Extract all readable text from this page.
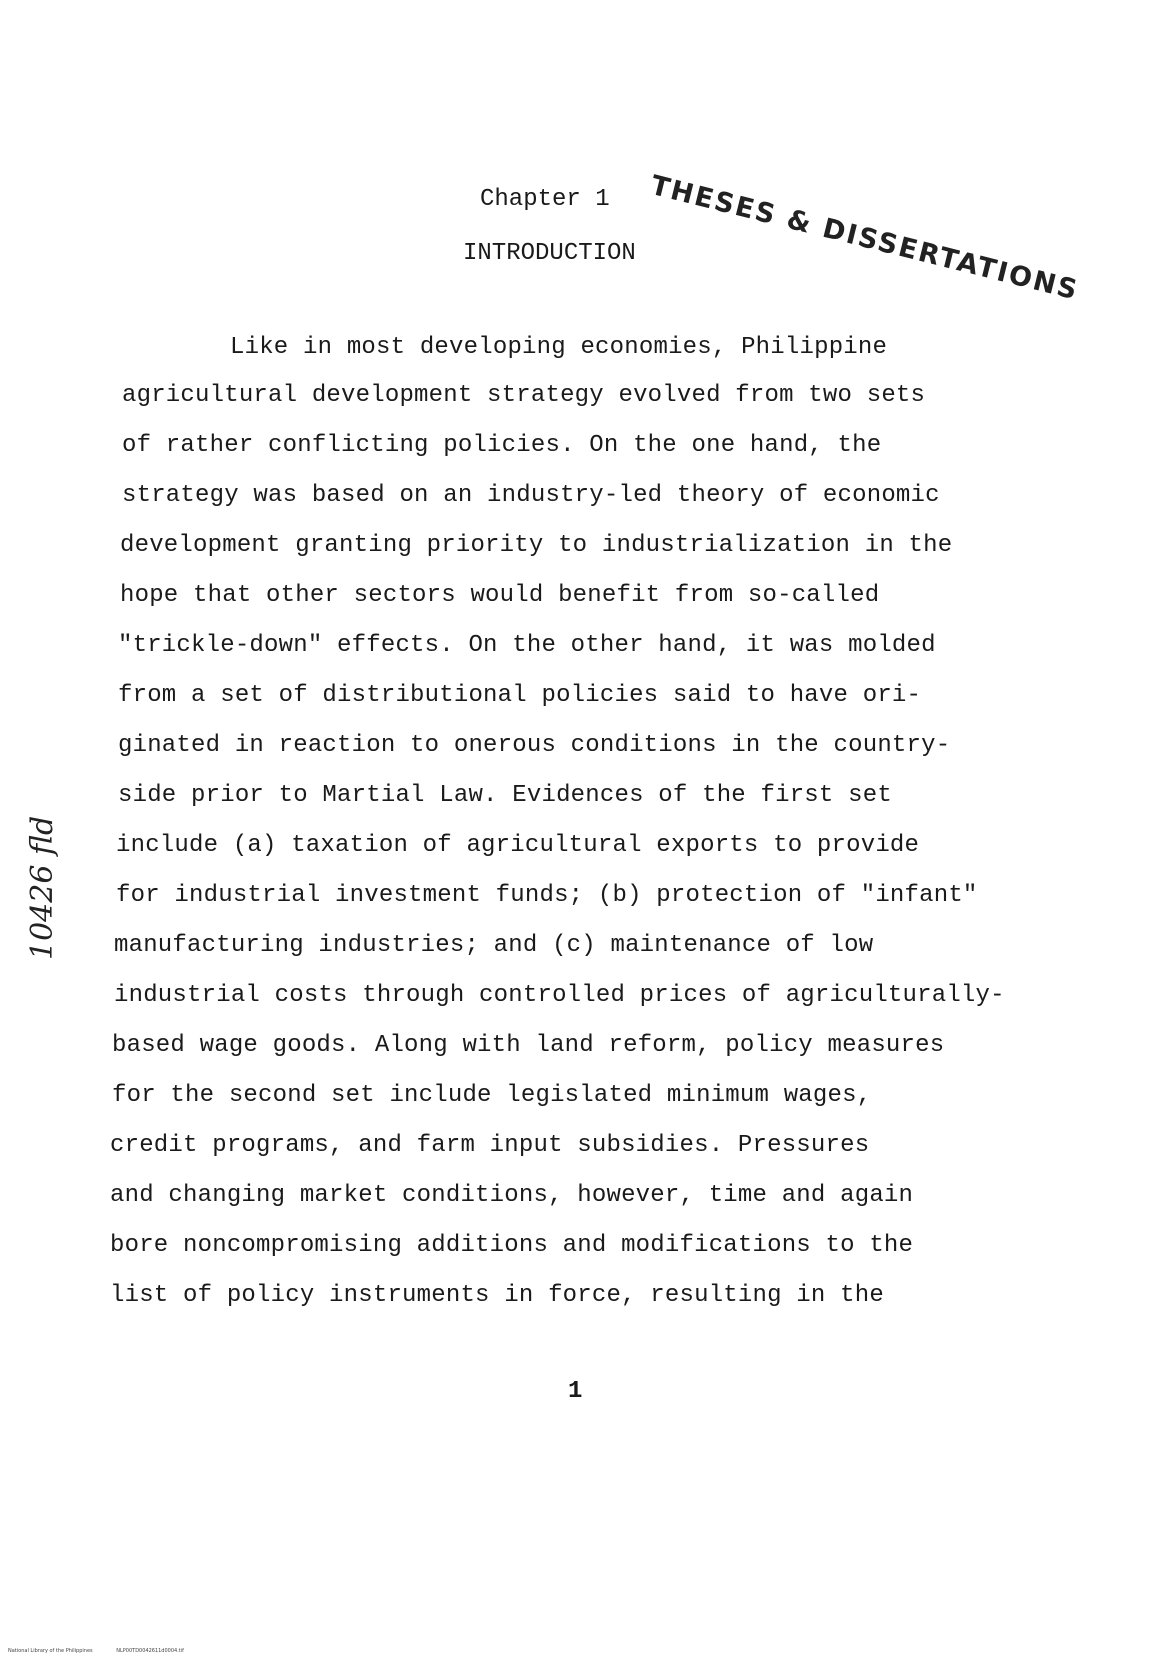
THESES & DISSERTATIONS
Chapter 1
INTRODUCTION
Like in most developing economies, Philippine
agricultural development strategy evolved from two sets
of rather conflicting policies. On the one hand, the
strategy was based on an industry-led theory of economic
development granting priority to industrialization in the
hope that other sectors would benefit from so-called
"trickle-down" effects. On the other hand, it was molded
from a set of distributional policies said to have ori-
ginated in reaction to onerous conditions in the country-
side prior to Martial Law. Evidences of the first set
include (a) taxation of agricultural exports to provide
for industrial investment funds; (b) protection of "infant"
manufacturing industries; and (c) maintenance of low
industrial costs through controlled prices of agriculturally-
based wage goods. Along with land reform, policy measures
for the second set include legislated minimum wages,
credit programs, and farm input subsidies. Pressures
and changing market conditions, however, time and again
bore noncompromising additions and modifications to the
list of policy instruments in force, resulting in the
1
10426 fld
National Library of the Philippines	NLP00TD0042611d0004.tif
